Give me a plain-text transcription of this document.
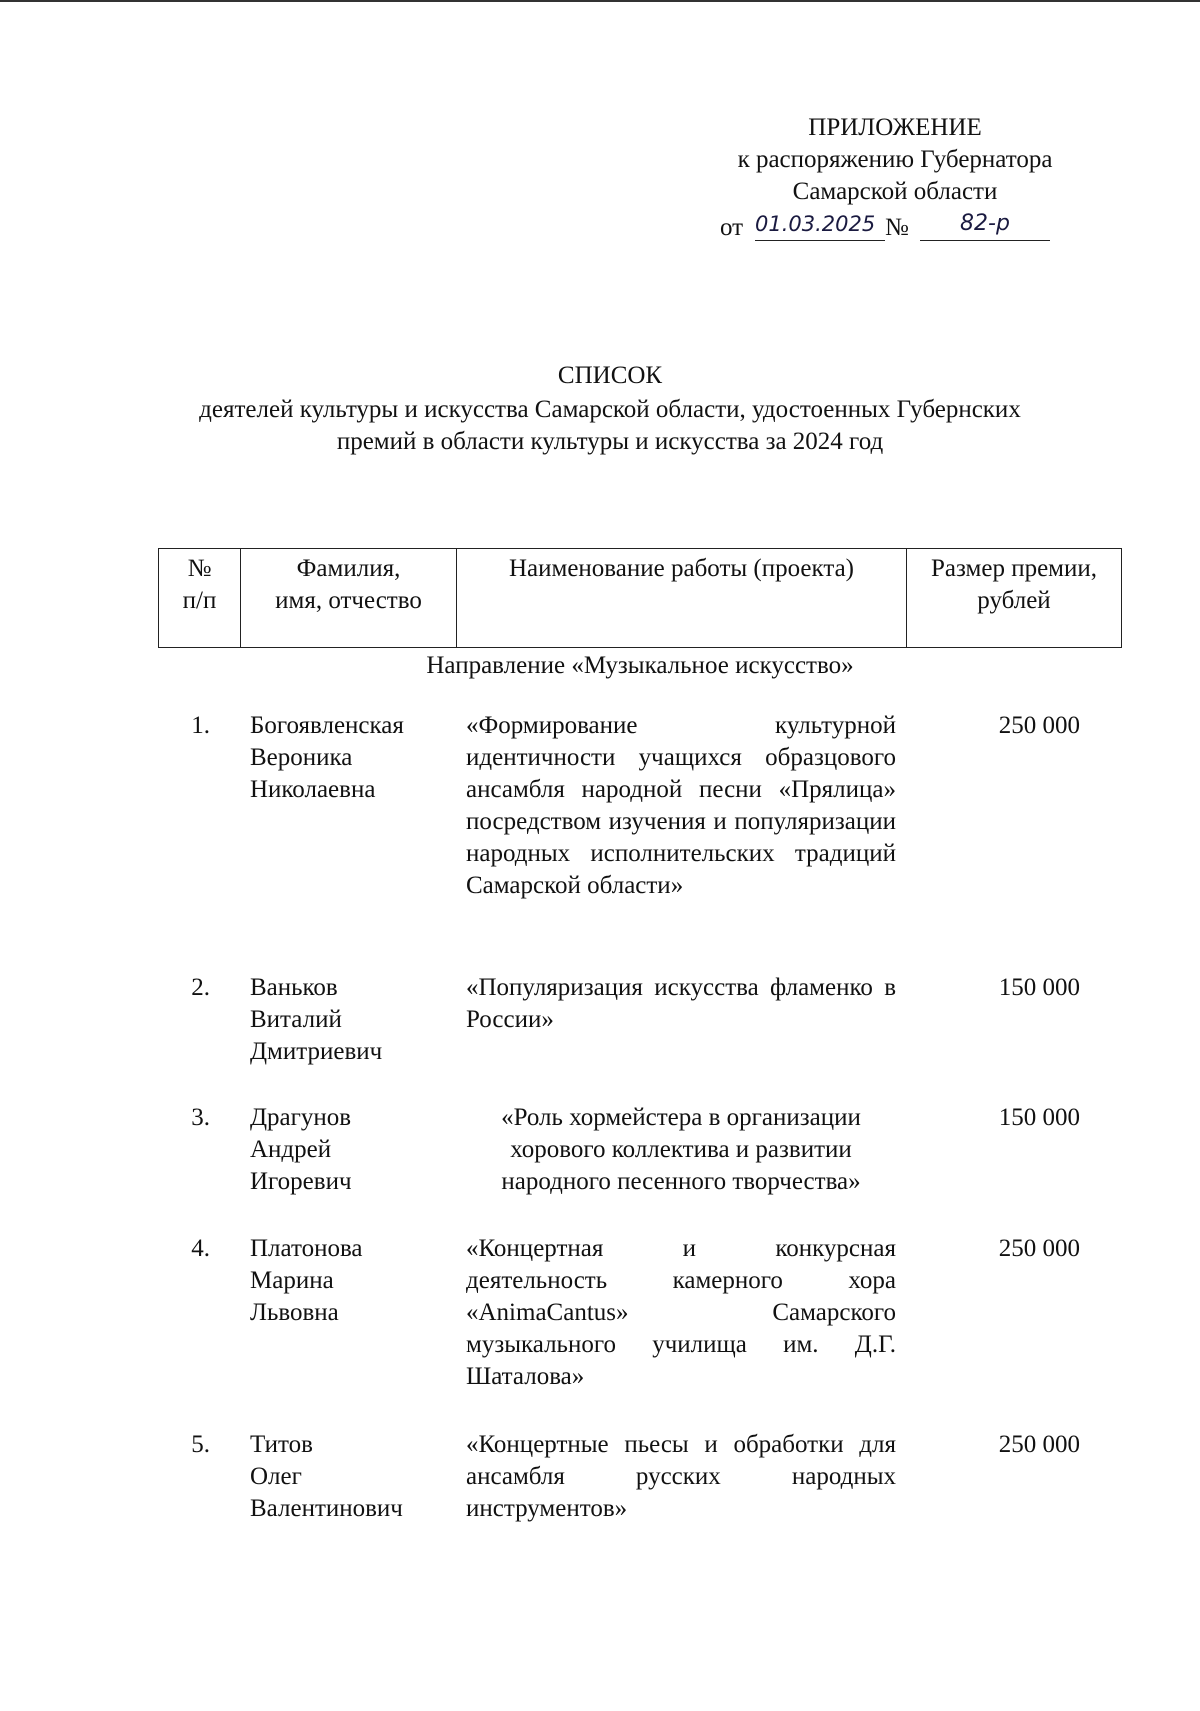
ПРИЛОЖЕНИЕ
к распоряжению Губернатора
Самарской области
от 01.03.2025 №	82-р
СПИСОК
деятелей культуры и искусства Самарской области, удостоенных Губернских
премий в области культуры и искусства за 2024 год
№
п/п
Фамилия,
имя, отчество
Наименование работы (проекта)	Размер премии,
рублей
Направление «Музыкальное искусство»
1. Богоявленская
Вероника
Николаевна
«Формирование культурной идентичности учащихся образцового ансамбля народной песни «Прялица» посредством изучения и популяризации народных исполнительских традиций Самарской области»
250 000
2. Ваньков
Виталий
Дмитриевич
«Популяризация искусства фламенко в России»
150 000
3. Драгунов
Андрей
Игоревич
«Роль хормейстера в организации хорового коллектива и развитии народного песенного творчества»
150 000
4. Платонова
Марина
Львовна
«Концертная и конкурсная деятельность камерного хора «AnimaCantus» Самарского музыкального училища им. Д.Г. Шаталова»
250 000
5. Титов
Олег
Валентинович
«Концертные пьесы и обработки для ансамбля русских народных инструментов»
250 000
